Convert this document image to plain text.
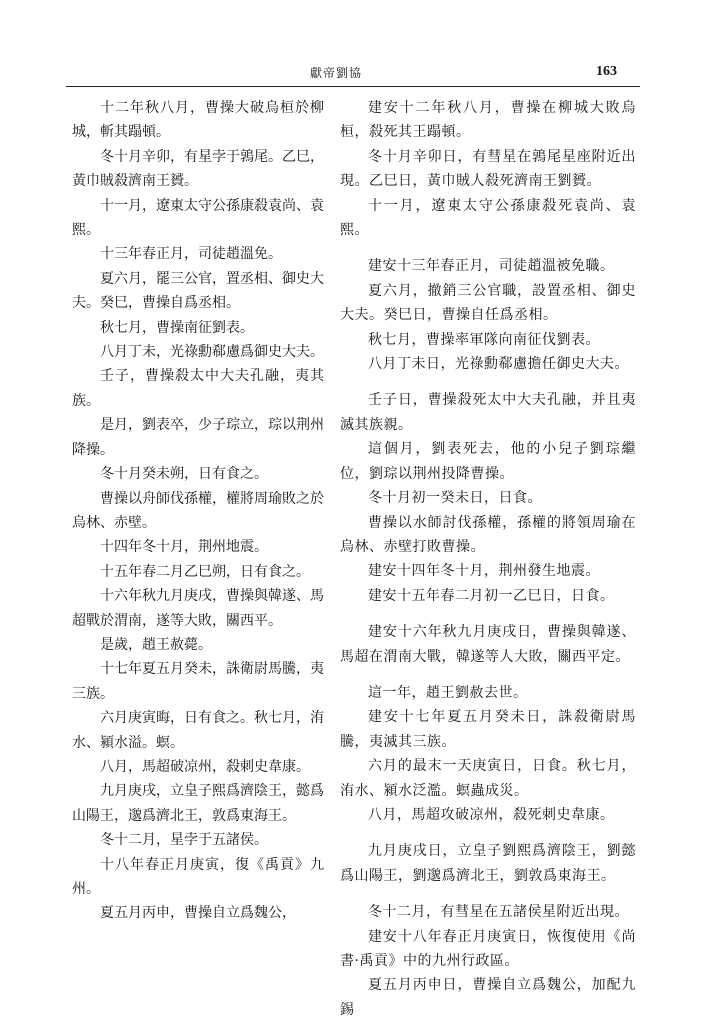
獻帝劉協	163

十二年秋八月，曹操大破烏桓於柳城，斬其蹋頓。

冬十月辛卯，有星孛于鶉尾。乙巳，黃巾賊殺濟南王贇。

十一月，遼東太守公孫康殺袁尚、袁熙。

十三年春正月，司徒趙溫免。

夏六月，罷三公官，置丞相、御史大夫。癸巳，曹操自爲丞相。

秋七月，曹操南征劉表。

八月丁未，光祿勳郗慮爲御史大夫。

壬子，曹操殺太中大夫孔融，夷其族。

是月，劉表卒，少子琮立，琮以荆州降操。

冬十月癸未朔，日有食之。

曹操以舟師伐孫權，權將周瑜敗之於烏林、赤壁。

十四年冬十月，荆州地震。

十五年春二月乙巳朔，日有食之。

十六年秋九月庚戌，曹操與韓遂、馬超戰於渭南，遂等大敗，關西平。

是歲，趙王赦薨。

十七年夏五月癸未，誅衛尉馬騰，夷三族。

六月庚寅晦，日有食之。秋七月，洧水、潁水溢。螟。

八月，馬超破凉州，殺刺史韋康。

九月庚戌，立皇子熙爲濟陰王，懿爲山陽王，邈爲濟北王，敦爲東海王。

冬十二月，星孛于五諸侯。

十八年春正月庚寅，復《禹貢》九州。

夏五月丙申，曹操自立爲魏公，

建安十二年秋八月，曹操在柳城大敗烏桓，殺死其王蹋頓。

冬十月辛卯日，有彗星在鶉尾星座附近出現。乙巳日，黃巾賊人殺死濟南王劉贇。

十一月，遼東太守公孫康殺死袁尚、袁熙。

建安十三年春正月，司徒趙溫被免職。

夏六月，撤銷三公官職，設置丞相、御史大夫。癸巳日，曹操自任爲丞相。

秋七月，曹操率軍隊向南征伐劉表。

八月丁未日，光祿勳郗慮擔任御史大夫。

壬子日，曹操殺死太中大夫孔融，并且夷滅其族親。

這個月，劉表死去，他的小兒子劉琮繼位，劉琮以荆州投降曹操。

冬十月初一癸未日，日食。

曹操以水師討伐孫權，孫權的將領周瑜在烏林、赤壁打敗曹操。

建安十四年冬十月，荆州發生地震。

建安十五年春二月初一乙巳日，日食。

建安十六年秋九月庚戌日，曹操與韓遂、馬超在渭南大戰，韓遂等人大敗，關西平定。

這一年，趙王劉赦去世。

建安十七年夏五月癸未日，誅殺衛尉馬騰，夷滅其三族。

六月的最末一天庚寅日，日食。秋七月，洧水、潁水泛濫。螟蟲成災。

八月，馬超攻破凉州，殺死刺史韋康。

九月庚戌日，立皇子劉熙爲濟陰王，劉懿爲山陽王，劉邈爲濟北王，劉敦爲東海王。

冬十二月，有彗星在五諸侯星附近出現。

建安十八年春正月庚寅日，恢復使用《尚書·禹貢》中的九州行政區。

夏五月丙申日，曹操自立爲魏公，加配九錫
